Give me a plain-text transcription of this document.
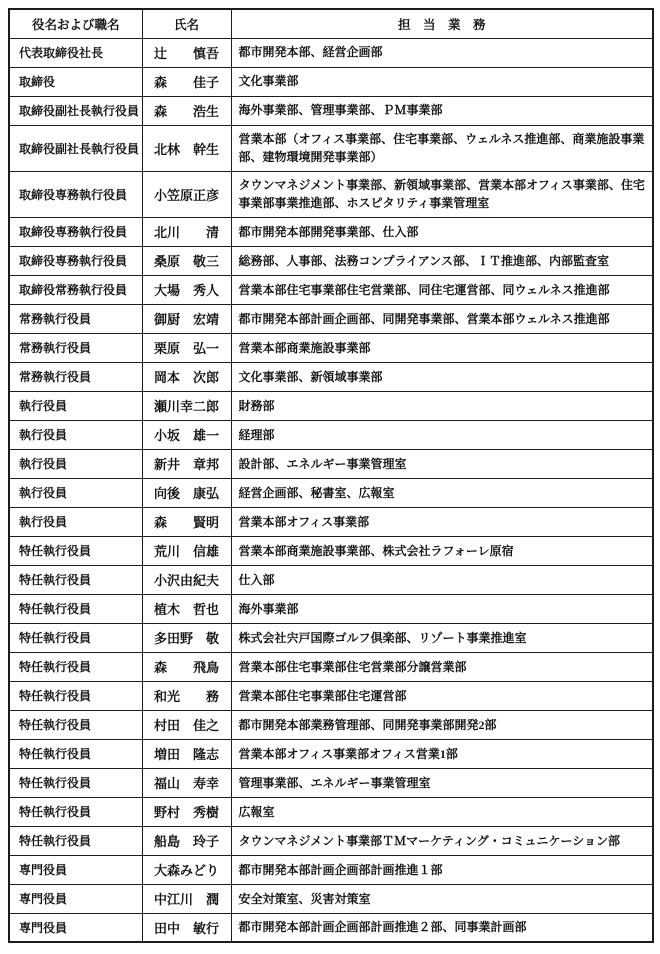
役名および職名	氏名	担　当　業　務
代表取締役社長	辻 慎吾	都市開発本部、経営企画部
取締役	森 佳子	文化事業部
取締役副社長執行役員	森 浩生	海外事業部、管理事業部、ＰＭ事業部
取締役副社長執行役員	北林 幹生	営業本部（オフィス事業部、住宅事業部、ウェルネス推進部、商業施設事業部、建物環境開発事業部）
取締役専務執行役員	小笠原正彦	タウンマネジメント事業部、新領域事業部、営業本部オフィス事業部、住宅事業部事業推進部、ホスピタリティ事業管理室
取締役専務執行役員	北川 清	都市開発本部開発事業部、仕入部
取締役専務執行役員	桑原 敬三	総務部、人事部、法務コンプライアンス部、ＩＴ推進部、内部監査室
取締役常務執行役員	大場 秀人	営業本部住宅事業部住宅営業部、同住宅運営部、同ウェルネス推進部
常務執行役員	御厨 宏靖	都市開発本部計画企画部、同開発事業部、営業本部ウェルネス推進部
常務執行役員	栗原 弘一	営業本部商業施設事業部
常務執行役員	岡本 次郎	文化事業部、新領域事業部
執行役員	瀬川幸二郎	財務部
執行役員	小坂 雄一	経理部
執行役員	新井 章邦	設計部、エネルギー事業管理室
執行役員	向後 康弘	経営企画部、秘書室、広報室
執行役員	森 賢明	営業本部オフィス事業部
特任執行役員	荒川 信雄	営業本部商業施設事業部、株式会社ラフォーレ原宿
特任執行役員	小沢由紀夫	仕入部
特任執行役員	植木 哲也	海外事業部
特任執行役員	多田野 敬	株式会社宍戸国際ゴルフ倶楽部、リゾート事業推進室
特任執行役員	森 飛鳥	営業本部住宅事業部住宅営業部分譲営業部
特任執行役員	和光 務	営業本部住宅事業部住宅運営部
特任執行役員	村田 佳之	都市開発本部業務管理部、同開発事業部開発2部
特任執行役員	増田 隆志	営業本部オフィス事業部オフィス営業1部
特任執行役員	福山 寿幸	管理事業部、エネルギー事業管理室
特任執行役員	野村 秀樹	広報室
特任執行役員	船島 玲子	タウンマネジメント事業部ＴＭマーケティング・コミュニケーション部
専門役員	大森みどり	都市開発本部計画企画部計画推進１部
専門役員	中江川 潤	安全対策室、災害対策室
専門役員	田中 敏行	都市開発本部計画企画部計画推進２部、同事業計画部
